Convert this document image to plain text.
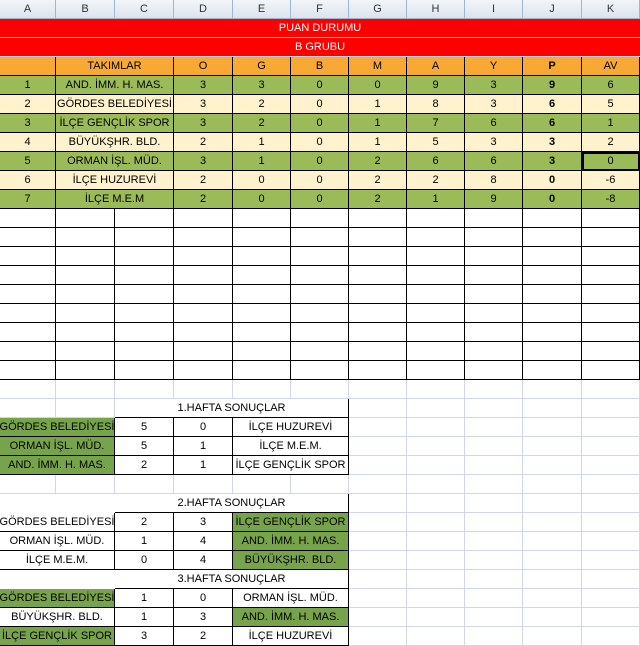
A	B	C	D	E	F	G	H	I	J	K
PUAN DURUMU
B GRUBU
TAKIMLAR	O	G	B	M	A	Y	P	AV
1	AND. İMM. H. MAS.	3	3	0	0	9	3	9	6
2	GÖRDES BELEDİYESİ	3	2	0	1	8	3	6	5
3	İLÇE GENÇLİK SPOR	3	2	0	1	7	6	6	1
4	BÜYÜKŞHR. BLD.	2	1	0	1	5	3	3	2
5	ORMAN İŞL. MÜD.	3	1	0	2	6	6	3	0
6	İLÇE HUZUREVİ	2	0	0	2	2	8	0	-6
7	İLÇE M.E.M	2	0	0	2	1	9	0	-8
1.HAFTA SONUÇLAR
GÖRDES BELEDİYESİ	5	0	İLÇE HUZUREVİ
ORMAN İŞL. MÜD.	5	1	İLÇE M.E.M.
AND. İMM. H. MAS.	2	1	İLÇE GENÇLİK SPOR
2.HAFTA SONUÇLAR
GÖRDES BELEDİYESİ	2	3	İLÇE GENÇLİK SPOR
ORMAN İŞL. MÜD.	1	4	AND. İMM. H. MAS.
İLÇE M.E.M.	0	4	BÜYÜKŞHR. BLD.
3.HAFTA SONUÇLAR
GÖRDES BELEDİYESİ	1	0	ORMAN İŞL. MÜD.
BÜYÜKŞHR. BLD.	1	3	AND. İMM. H. MAS.
İLÇE GENÇLİK SPOR	3	2	İLÇE HUZUREVİ
